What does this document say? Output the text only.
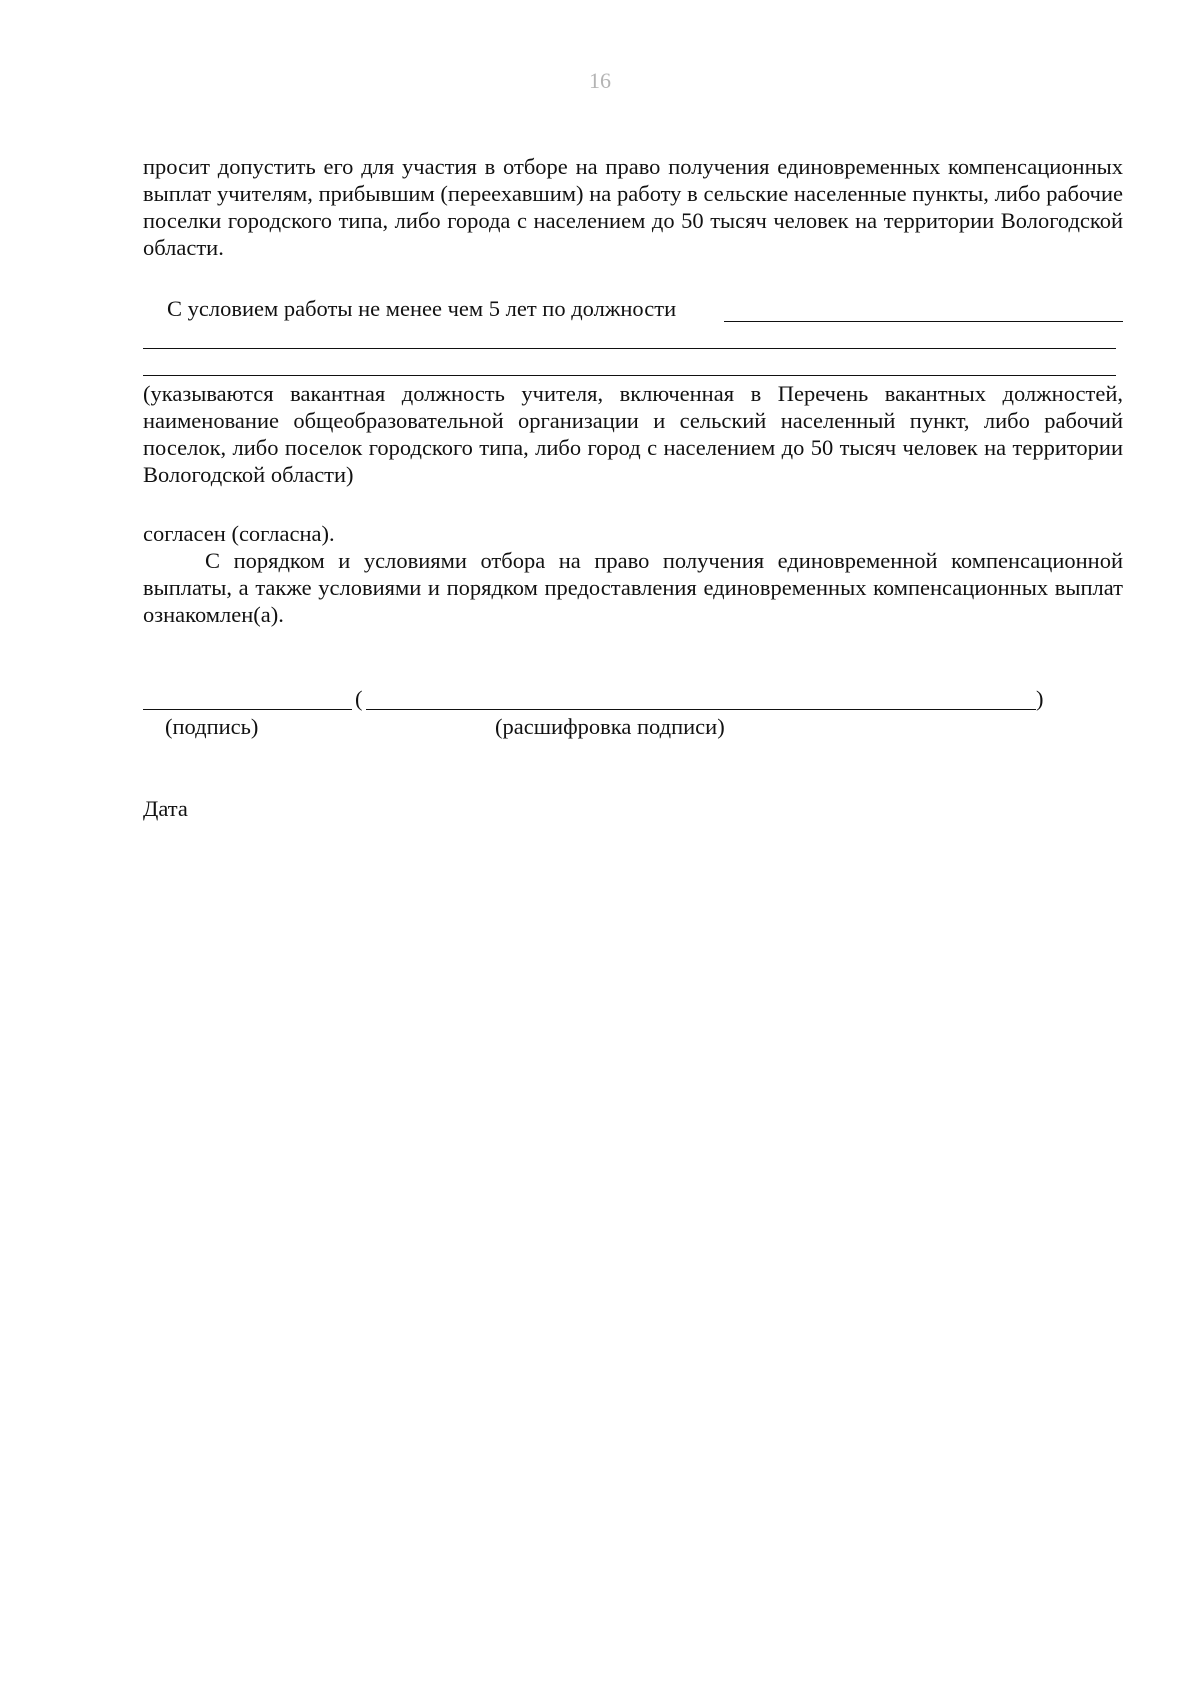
16

просит допустить его для участия в отборе на право получения единовременных компенсационных выплат учителям, прибывшим (переехавшим) на работу в сельские населенные пункты, либо рабочие поселки городского типа, либо города с населением до 50 тысяч человек на территории Вологодской области.

С условием работы не менее чем 5 лет по должности

(указываются вакантная должность учителя, включенная в Перечень вакантных должностей, наименование общеобразовательной организации и сельский населенный пункт, либо рабочий поселок, либо поселок городского типа, либо город с населением до 50 тысяч человек на территории Вологодской области)

согласен (согласна).

С порядком и условиями отбора на право получения единовременной компенсационной выплаты, а также условиями и порядком предоставления единовременных компенсационных выплат ознакомлен(а).

(	)
(подпись)	(расшифровка подписи)
Дата
